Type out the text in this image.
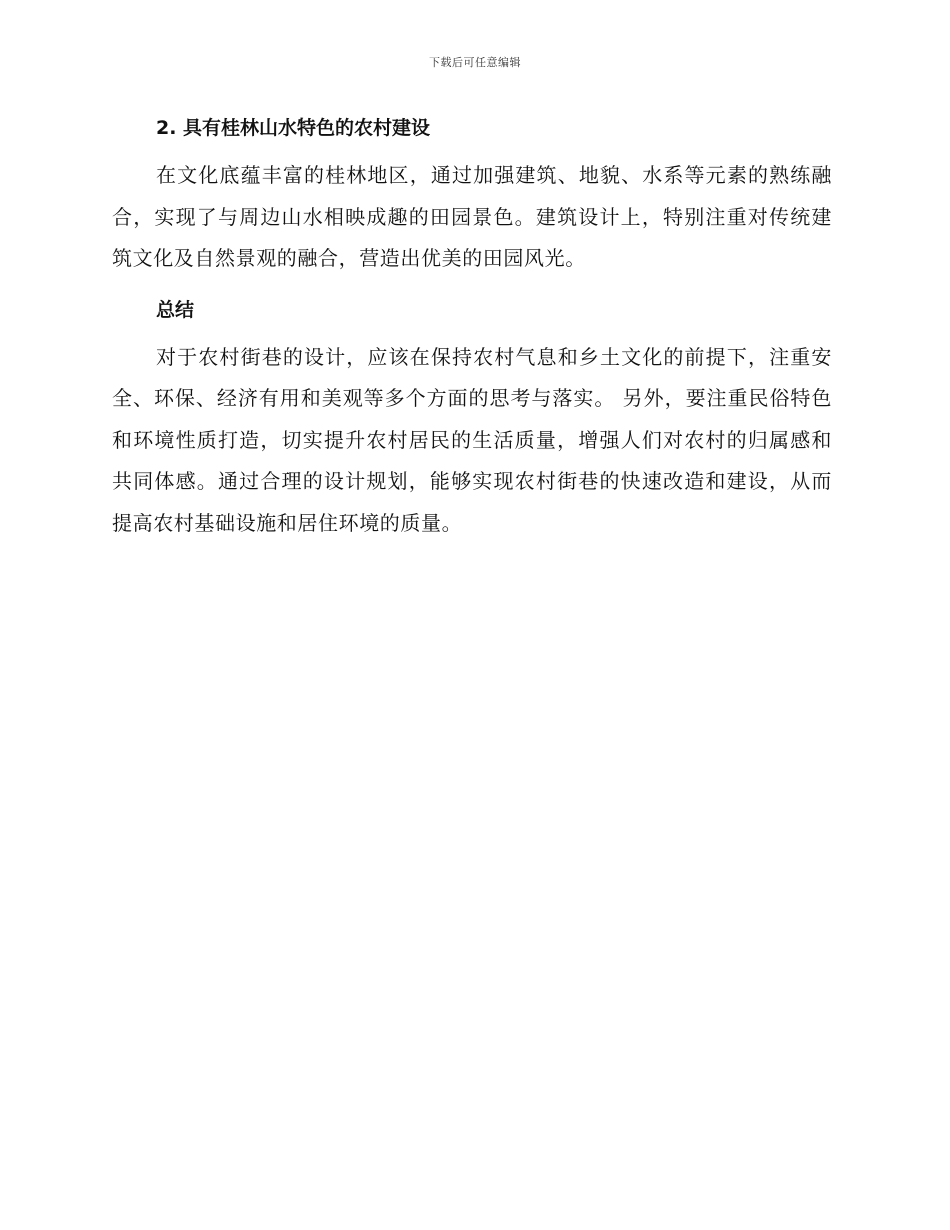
下载后可任意编辑
2. 具有桂林山水特色的农村建设

在文化底蕴丰富的桂林地区，通过加强建筑、地貌、水系等元素的熟练融合，实现了与周边山水相映成趣的田园景色。建筑设计上，特别注重对传统建筑文化及自然景观的融合，营造出优美的田园风光。

总结

对于农村街巷的设计，应该在保持农村气息和乡土文化的前提下，注重安全、环保、经济有用和美观等多个方面的思考与落实。 另外，要注重民俗特色和环境性质打造，切实提升农村居民的生活质量，增强人们对农村的归属感和共同体感。通过合理的设计规划，能够实现农村街巷的快速改造和建设，从而提高农村基础设施和居住环境的质量。
